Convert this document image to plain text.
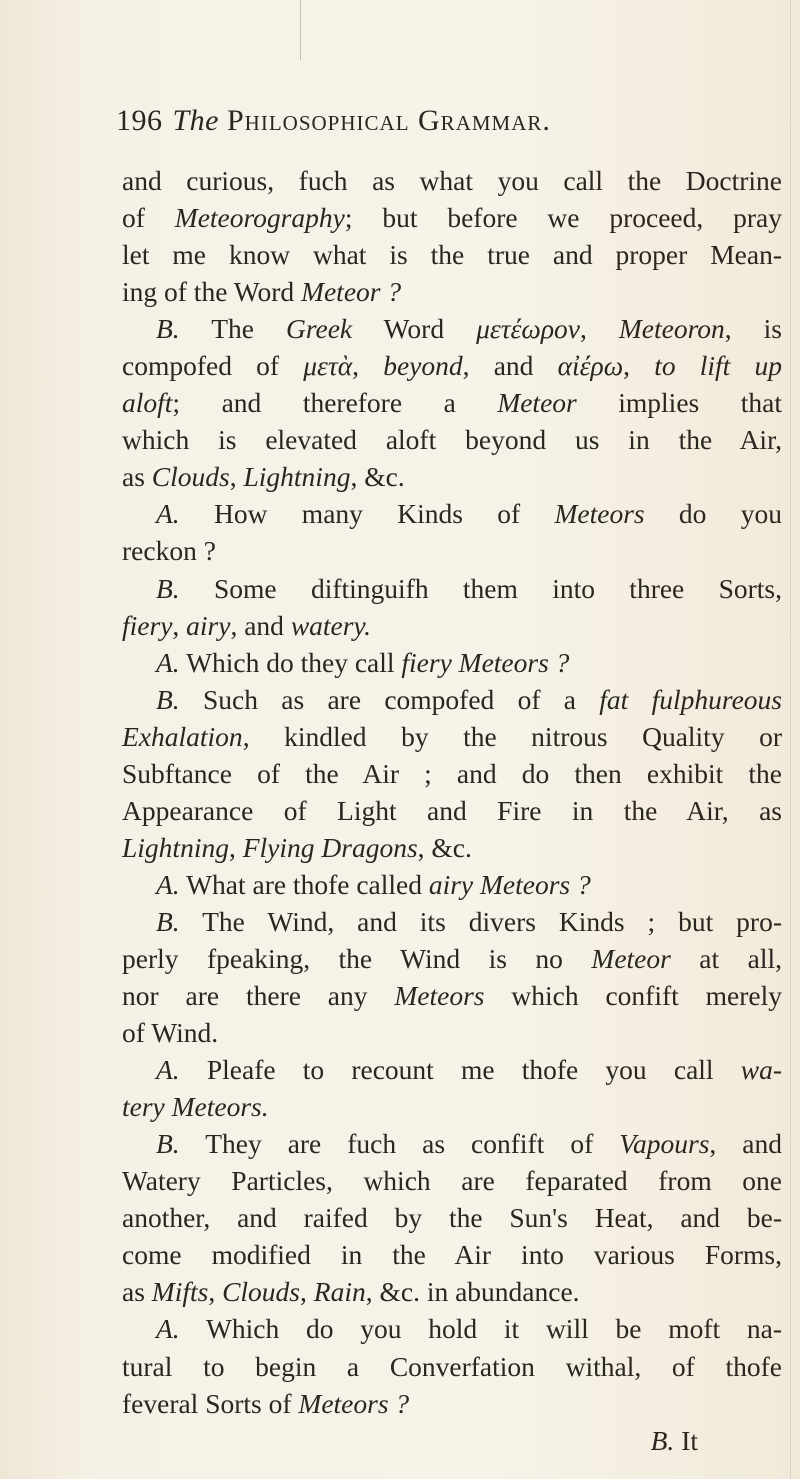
196 The Philosophical Grammar.
and curious, fuch as what you call the Doctrine
of Meteorography; but before we proceed, pray
let me know what is the true and proper Mean-
ing of the Word Meteor ?
B. The Greek Word μετέωρον, Meteoron, is
compofed of μετὰ, beyond, and αἰέρω, to lift up
aloft; and therefore a Meteor implies that
which is elevated aloft beyond us in the Air,
as Clouds, Lightning, &c.
A. How many Kinds of Meteors do you
reckon ?
B. Some diftinguifh them into three Sorts,
fiery, airy, and watery.
A. Which do they call fiery Meteors ?
B. Such as are compofed of a fat fulphureous
Exhalation, kindled by the nitrous Quality or
Subftance of the Air ; and do then exhibit the
Appearance of Light and Fire in the Air, as
Lightning, Flying Dragons, &c.
A. What are thofe called airy Meteors ?
B. The Wind, and its divers Kinds ; but pro-
perly fpeaking, the Wind is no Meteor at all,
nor are there any Meteors which confift merely
of Wind.
A. Pleafe to recount me thofe you call wa-
tery Meteors.
B. They are fuch as confift of Vapours, and
Watery Particles, which are feparated from one
another, and raifed by the Sun's Heat, and be-
come modified in the Air into various Forms,
as Mifts, Clouds, Rain, &c. in abundance.
A. Which do you hold it will be moft na-
tural to begin a Converfation withal, of thofe
feveral Sorts of Meteors ?
B. It
